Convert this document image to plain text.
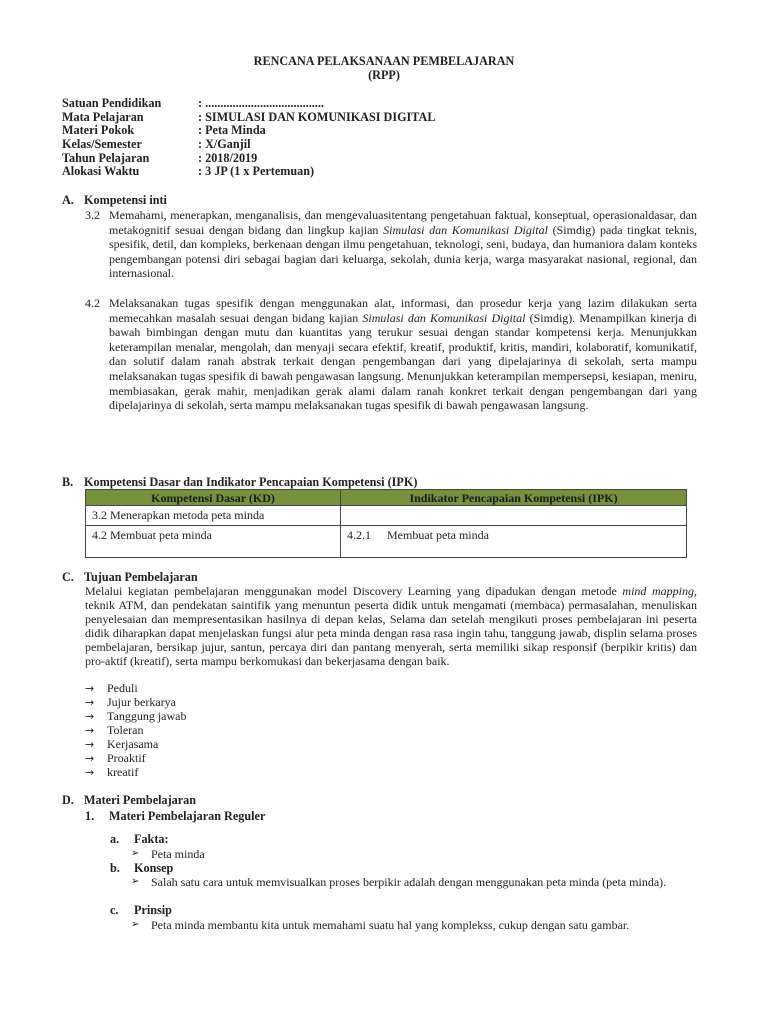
RENCANA PELAKSANAAN PEMBELAJARAN
(RPP)
Satuan Pendidikan	: .......................................
Mata Pelajaran	: SIMULASI DAN KOMUNIKASI DIGITAL
Materi Pokok	: Peta Minda
Kelas/Semester	: X/Ganjil
Tahun Pelajaran	: 2018/2019
Alokasi Waktu	: 3 JP (1 x Pertemuan)
A. Kompetensi inti
3.2 Memahami, menerapkan, menganalisis, dan mengevaluasitentang pengetahuan faktual, konseptual, operasionaldasar, dan metakognitif sesuai dengan bidang dan lingkup kajian Simulasi dan Komunikasi Digital (Simdig) pada tingkat teknis, spesifik, detil, dan kompleks, berkenaan dengan ilmu pengetahuan, teknologi, seni, budaya, dan humaniora dalam konteks pengembangan potensi diri sebagai bagian dari keluarga, sekolah, dunia kerja, warga masyarakat nasional, regional, dan internasional.
4.2 Melaksanakan tugas spesifik dengan menggunakan alat, informasi, dan prosedur kerja yang lazim dilakukan serta memecahkan masalah sesuai dengan bidang kajian Simulasi dan Komunikasi Digital (Simdig). Menampilkan kinerja di bawah bimbingan dengan mutu dan kuantitas yang terukur sesuai dengan standar kompetensi kerja. Menunjukkan keterampilan menalar, mengolah, dan menyaji secara efektif, kreatif, produktif, kritis, mandiri, kolaboratif, komunikatif, dan solutif dalam ranah abstrak terkait dengan pengembangan dari yang dipelajarinya di sekolah, serta mampu melaksanakan tugas spesifik di bawah pengawasan langsung. Menunjukkan keterampilan mempersepsi, kesiapan, meniru, membiasakan, gerak mahir, menjadikan gerak alami dalam ranah konkret terkait dengan pengembangan dari yang dipelajarinya di sekolah, serta mampu melaksanakan tugas spesifik di bawah pengawasan langsung.
B. Kompetensi Dasar dan Indikator Pencapaian Kompetensi (IPK)
Kompetensi Dasar (KD)	Indikator Pencapaian Kompetensi (IPK)
3.2 Menerapkan metoda peta minda	
4.2 Membuat peta minda	4.2.1 Membuat peta minda
C. Tujuan Pembelajaran
Melalui kegiatan pembelajaran menggunakan model Discovery Learning yang dipadukan dengan metode mind mapping, teknik ATM, dan pendekatan saintifik yang menuntun peserta didik untuk mengamati (membaca) permasalahan, menuliskan penyelesaian dan mempresentasikan hasilnya di depan kelas, Selama dan setelah mengikuti proses pembelajaran ini peserta didik diharapkan dapat menjelaskan fungsi alur peta minda dengan rasa rasa ingin tahu, tanggung jawab, displin selama proses pembelajaran, bersikap jujur, santun, percaya diri dan pantang menyerah, serta memiliki sikap responsif (berpikir kritis) dan pro-aktif (kreatif), serta mampu berkomukasi dan bekerjasama dengan baik.
→ Peduli
→ Jujur berkarya
→ Tanggung jawab
→ Toleran
→ Kerjasama
→ Proaktif
→ kreatif
D. Materi Pembelajaran
1. Materi Pembelajaran Reguler
a. Fakta:
➢ Peta minda
b. Konsep
➢ Salah satu cara untuk memvisualkan proses berpikir adalah dengan menggunakan peta minda (peta minda).
c. Prinsip
➢ Peta minda membantu kita untuk memahami suatu hal yang komplekss, cukup dengan satu gambar.
